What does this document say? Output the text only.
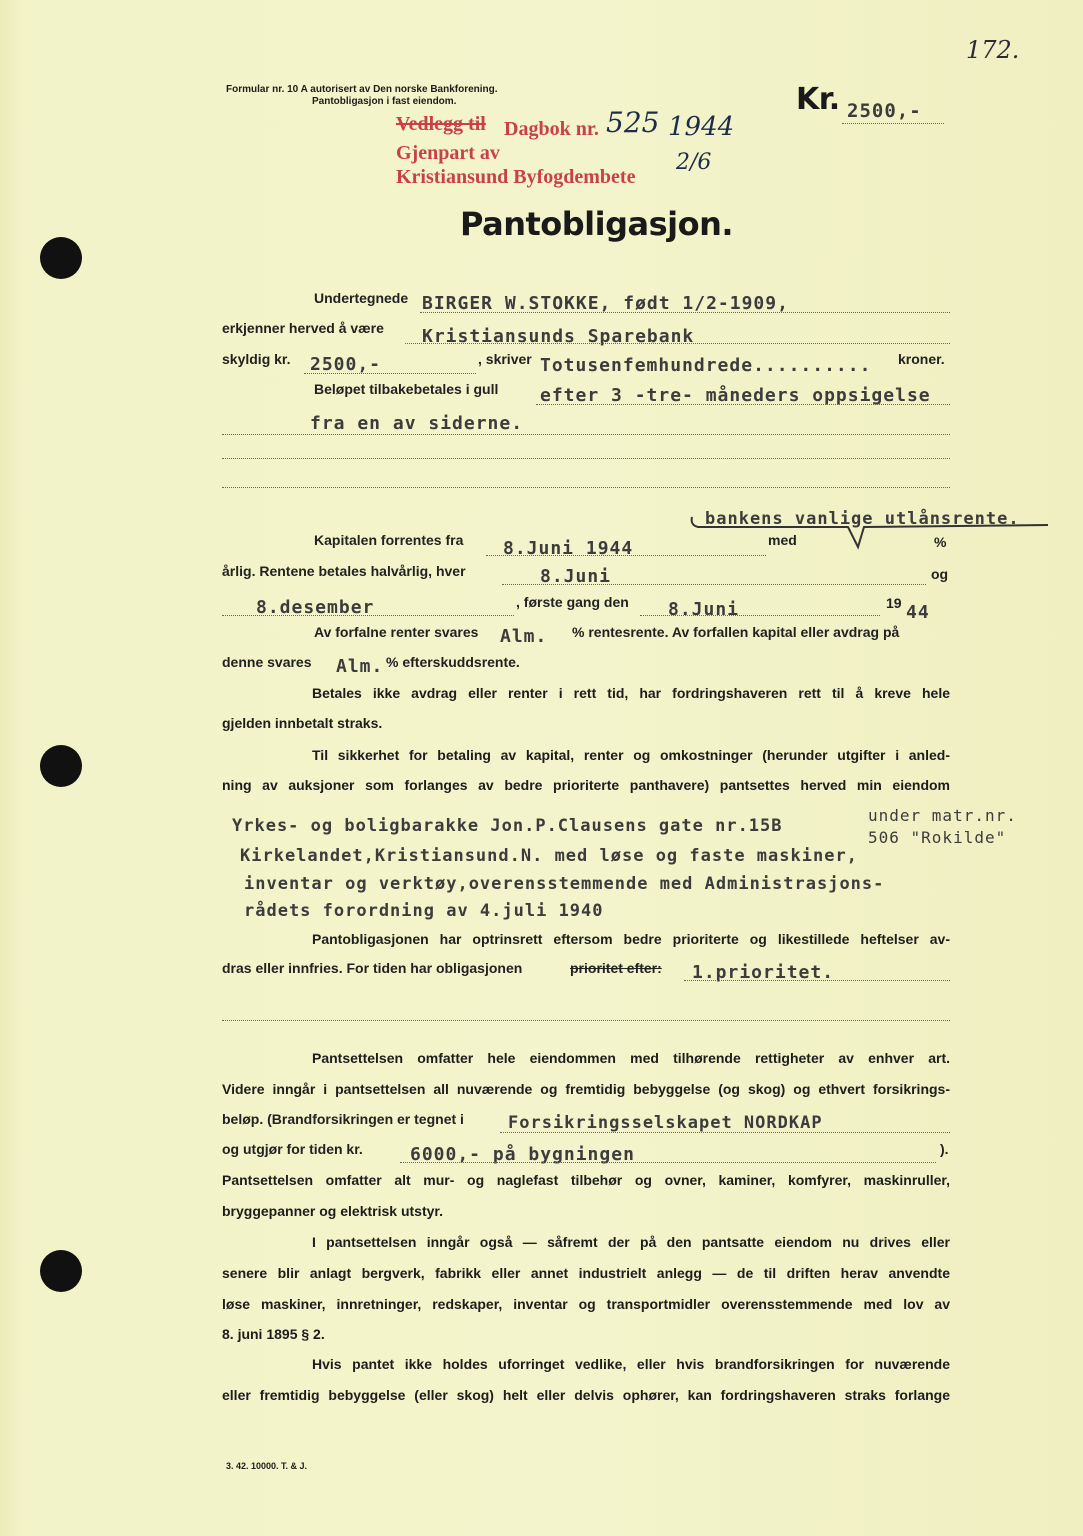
172.
Formular nr. 10 A autorisert av Den norske Bankforening.
Pantobligasjon i fast eiendom.	Kr. 2500,-
Vedlegg til Dagbok nr. 525 1944
Gjenpart av
Kristiansund Byfogdembete
2/6
Pantobligasjon.
Undertegnede BIRGER W.STOKKE, født 1/2-1909,
erkjenner herved å være Kristiansunds Sparebank
skyldig kr. 2500,-	, skriver Totusenfemhundrede.......... kroner.
Beløpet tilbakebetales i gull efter 3 -tre- måneders oppsigelse
fra en av siderne.
bankens vanlige utlånsrente.
Kapitalen forrentes fra 8.Juni 1944	med	%
årlig. Rentene betales halvårlig, hver	8.Juni	og
8.desember	, første gang den 8.Juni	19 44
Av forfalne renter svares Alm. % rentesrente. Av forfallen kapital eller avdrag på
denne svares Alm. % efterskuddsrente.
Betales ikke avdrag eller renter i rett tid, har fordringshaveren rett til å kreve hele
gjelden innbetalt straks.
Til sikkerhet for betaling av kapital, renter og omkostninger (herunder utgifter i anled-
ning av auksjoner som forlanges av bedre prioriterte panthavere) pantsettes herved min eiendom
Yrkes- og boligbarakke Jon.P.Clausens gate nr.15B
under matr.nr.
506 "Rokilde"
Kirkelandet,Kristiansund.N. med løse og faste maskiner,
inventar og verktøy,overensstemmende med Administrasjons-
rådets forordning av 4.juli 1940
Pantobligasjonen har optrinsrett eftersom bedre prioriterte og likestillede heftelser av-
dras eller innfries. For tiden har obligasjonen	prioritet efter: 1.prioritet.
Pantsettelsen omfatter hele eiendommen med tilhørende rettigheter av enhver art.
Videre inngår i pantsettelsen all nuværende og fremtidig bebyggelse (og skog) og ethvert forsikrings-
beløp. (Brandforsikringen er tegnet i	Forsikringsselskapet NORDKAP
og utgjør for tiden kr.	6000,- på bygningen	).
Pantsettelsen omfatter alt mur- og naglefast tilbehør og ovner, kaminer, komfyrer, maskinruller,
bryggepanner og elektrisk utstyr.
I pantsettelsen inngår også — såfremt der på den pantsatte eiendom nu drives eller
senere blir anlagt bergverk, fabrikk eller annet industrielt anlegg — de til driften herav anvendte
løse maskiner, innretninger, redskaper, inventar og transportmidler overensstemmende med lov av
8. juni 1895 § 2.
Hvis pantet ikke holdes uforringet vedlike, eller hvis brandforsikringen for nuværende
eller fremtidig bebyggelse (eller skog) helt eller delvis ophører, kan fordringshaveren straks forlange
3. 42. 10000. T. & J.
